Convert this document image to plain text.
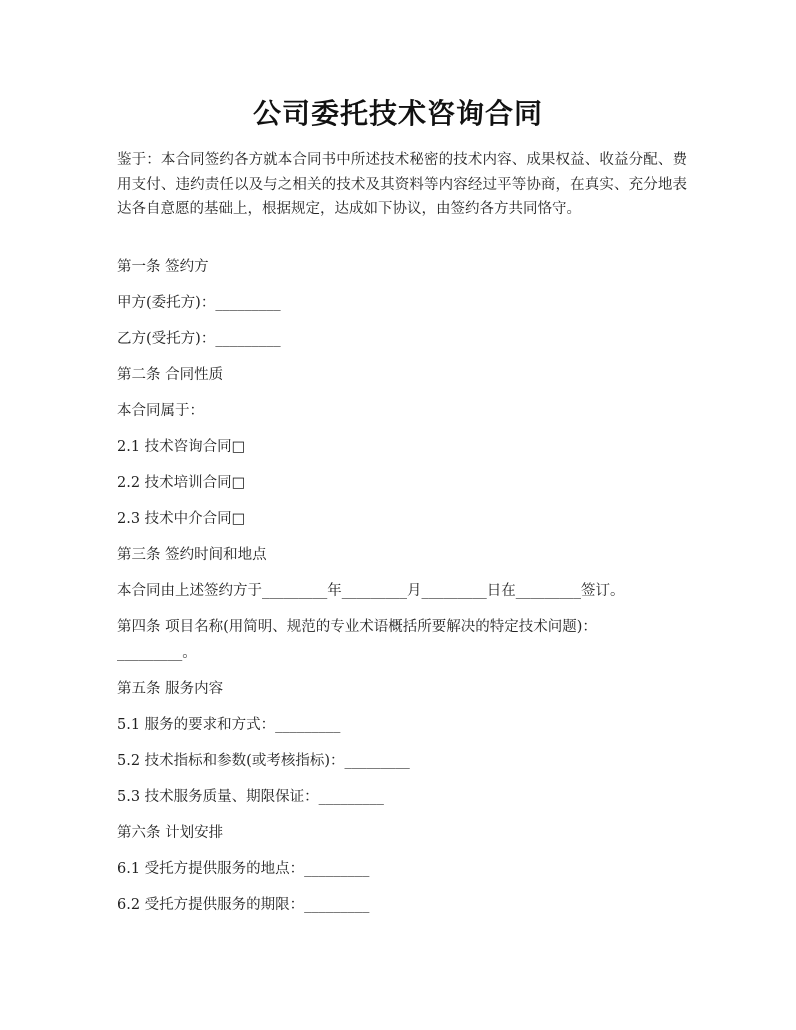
公司委托技术咨询合同
鉴于：本合同签约各方就本合同书中所述技术秘密的技术内容、成果权益、收益分配、费用支付、违约责任以及与之相关的技术及其资料等内容经过平等协商，在真实、充分地表达各自意愿的基础上，根据规定，达成如下协议，由签约各方共同恪守。
第一条 签约方
甲方(委托方)：_________
乙方(受托方)：_________
第二条 合同性质
本合同属于：
2.1 技术咨询合同□
2.2 技术培训合同□
2.3 技术中介合同□
第三条 签约时间和地点
本合同由上述签约方于_________年_________月_________日在_________签订。
第四条 项目名称(用简明、规范的专业术语概括所要解决的特定技术问题)：
_________。
第五条 服务内容
5.1 服务的要求和方式：_________
5.2 技术指标和参数(或考核指标)：_________
5.3 技术服务质量、期限保证：_________
第六条 计划安排
6.1 受托方提供服务的地点：_________
6.2 受托方提供服务的期限：_________
